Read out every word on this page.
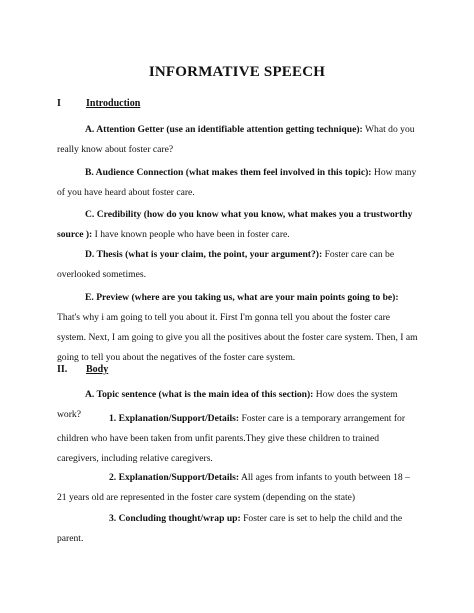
INFORMATIVE SPEECH
I	Introduction
A. Attention Getter (use an identifiable attention getting technique): What do you really know about foster care?
B. Audience Connection (what makes them feel involved in this topic): How many of you have heard about foster care.
C. Credibility (how do you know what you know, what makes you a trustworthy source ): I have known people who have been in foster care.
D. Thesis (what is your claim, the point, your argument?): Foster care can be overlooked sometimes.
E. Preview (where are you taking us, what are your main points going to be): That's why i am going to tell you about it. First I'm gonna tell you about the foster care system. Next, I am going to give you all the positives about the foster care system. Then, I am going to tell you about the negatives of the foster care system.
II. Body
A. Topic sentence (what is the main idea of this section): How does the system work?	1. Explanation/Support/Details: Foster care is a temporary arrangement for children who have been taken from unfit parents.They give these children to trained caregivers, including relative caregivers.
2. Explanation/Support/Details: All ages from infants to youth between 18 – 21 years old are represented in the foster care system (depending on the state)
3. Concluding thought/wrap up: Foster care is set to help the child and the parent.
